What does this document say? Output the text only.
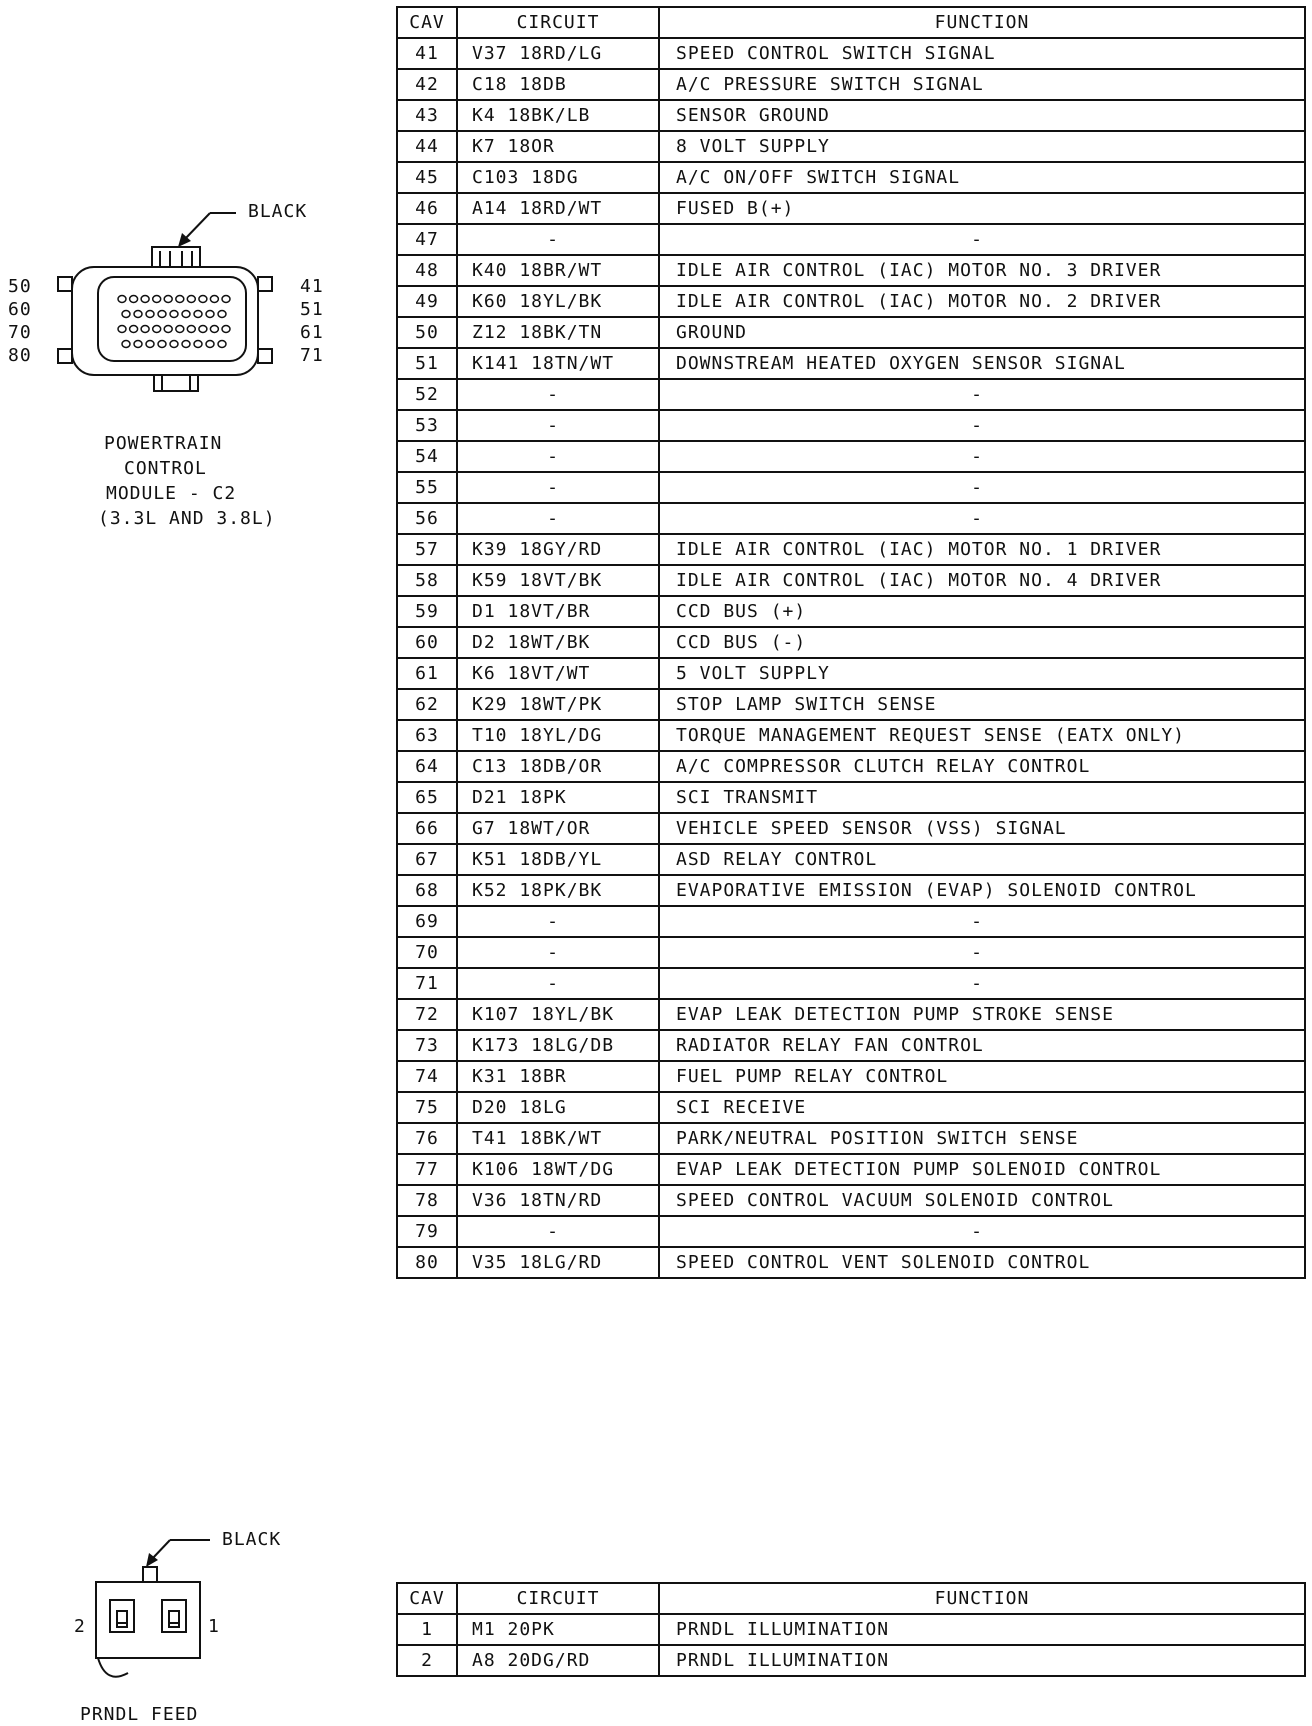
BLACK
50
60
70
80
41
51
61
71
POWERTRAIN
CONTROL
MODULE - C2
(3.3L AND 3.8L)
CAV	CIRCUIT	FUNCTION
41	V37 18RD/LG	SPEED CONTROL SWITCH SIGNAL
42	C18 18DB	A/C PRESSURE SWITCH SIGNAL
43	K4 18BK/LB	SENSOR GROUND
44	K7 18OR	8 VOLT SUPPLY
45	C103 18DG	A/C ON/OFF SWITCH SIGNAL
46	A14 18RD/WT	FUSED B(+)
47	-	-
48	K40 18BR/WT	IDLE AIR CONTROL (IAC) MOTOR NO. 3 DRIVER
49	K60 18YL/BK	IDLE AIR CONTROL (IAC) MOTOR NO. 2 DRIVER
50	Z12 18BK/TN	GROUND
51	K141 18TN/WT	DOWNSTREAM HEATED OXYGEN SENSOR SIGNAL
52	-	-
53	-	-
54	-	-
55	-	-
56	-	-
57	K39 18GY/RD	IDLE AIR CONTROL (IAC) MOTOR NO. 1 DRIVER
58	K59 18VT/BK	IDLE AIR CONTROL (IAC) MOTOR NO. 4 DRIVER
59	D1 18VT/BR	CCD BUS (+)
60	D2 18WT/BK	CCD BUS (-)
61	K6 18VT/WT	5 VOLT SUPPLY
62	K29 18WT/PK	STOP LAMP SWITCH SENSE
63	T10 18YL/DG	TORQUE MANAGEMENT REQUEST SENSE (EATX ONLY)
64	C13 18DB/OR	A/C COMPRESSOR CLUTCH RELAY CONTROL
65	D21 18PK	SCI TRANSMIT
66	G7 18WT/OR	VEHICLE SPEED SENSOR (VSS) SIGNAL
67	K51 18DB/YL	ASD RELAY CONTROL
68	K52 18PK/BK	EVAPORATIVE EMISSION (EVAP) SOLENOID CONTROL
69	-	-
70	-	-
71	-	-
72	K107 18YL/BK	EVAP LEAK DETECTION PUMP STROKE SENSE
73	K173 18LG/DB	RADIATOR RELAY FAN CONTROL
74	K31 18BR	FUEL PUMP RELAY CONTROL
75	D20 18LG	SCI RECEIVE
76	T41 18BK/WT	PARK/NEUTRAL POSITION SWITCH SENSE
77	K106 18WT/DG	EVAP LEAK DETECTION PUMP SOLENOID CONTROL
78	V36 18TN/RD	SPEED CONTROL VACUUM SOLENOID CONTROL
79	-	-
80	V35 18LG/RD	SPEED CONTROL VENT SOLENOID CONTROL
BLACK
2	1
PRNDL FEED
CAV	CIRCUIT	FUNCTION
1	M1 20PK	PRNDL ILLUMINATION
2	A8 20DG/RD	PRNDL ILLUMINATION
